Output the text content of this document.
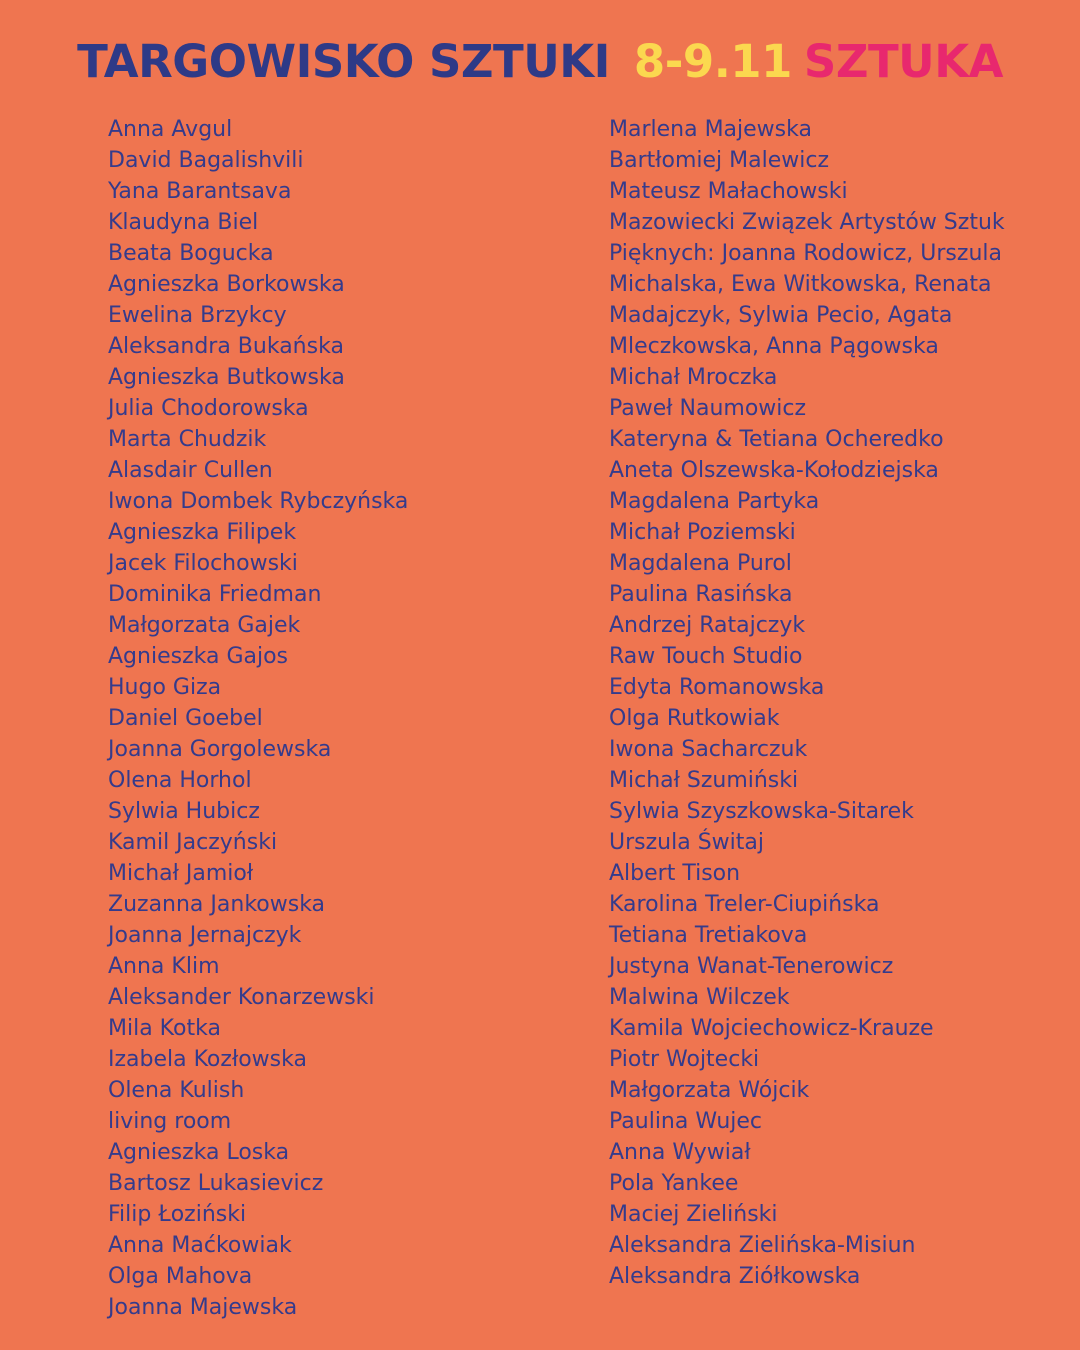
TARGOWISKO SZTUKI 8-9.11 SZTUKA
Anna Avgul
David Bagalishvili
Yana Barantsava
Klaudyna Biel
Beata Bogucka
Agnieszka Borkowska
Ewelina Brzykcy
Aleksandra Bukańska
Agnieszka Butkowska
Julia Chodorowska
Marta Chudzik
Alasdair Cullen
Iwona Dombek Rybczyńska
Agnieszka Filipek
Jacek Filochowski
Dominika Friedman
Małgorzata Gajek
Agnieszka Gajos
Hugo Giza
Daniel Goebel
Joanna Gorgolewska
Olena Horhol
Sylwia Hubicz
Kamil Jaczyński
Michał Jamioł
Zuzanna Jankowska
Joanna Jernajczyk
Anna Klim
Aleksander Konarzewski
Mila Kotka
Izabela Kozłowska
Olena Kulish
living room
Agnieszka Loska
Bartosz Lukasievicz
Filip Łoziński
Anna Maćkowiak
Olga Mahova
Joanna Majewska
Marlena Majewska
Bartłomiej Malewicz
Mateusz Małachowski
Mazowiecki Związek Artystów Sztuk
Pięknych: Joanna Rodowicz, Urszula
Michalska, Ewa Witkowska, Renata
Madajczyk, Sylwia Pecio, Agata
Mleczkowska, Anna Pągowska
Michał Mroczka
Paweł Naumowicz
Kateryna & Tetiana Ocheredko
Aneta Olszewska-Kołodziejska
Magdalena Partyka
Michał Poziemski
Magdalena Purol
Paulina Rasińska
Andrzej Ratajczyk
Raw Touch Studio
Edyta Romanowska
Olga Rutkowiak
Iwona Sacharczuk
Michał Szumiński
Sylwia Szyszkowska-Sitarek
Urszula Świtaj
Albert Tison
Karolina Treler-Ciupińska
Tetiana Tretiakova
Justyna Wanat-Tenerowicz
Malwina Wilczek
Kamila Wojciechowicz-Krauze
Piotr Wojtecki
Małgorzata Wójcik
Paulina Wujec
Anna Wywiał
Pola Yankee
Maciej Zieliński
Aleksandra Zielińska-Misiun
Aleksandra Ziółkowska
